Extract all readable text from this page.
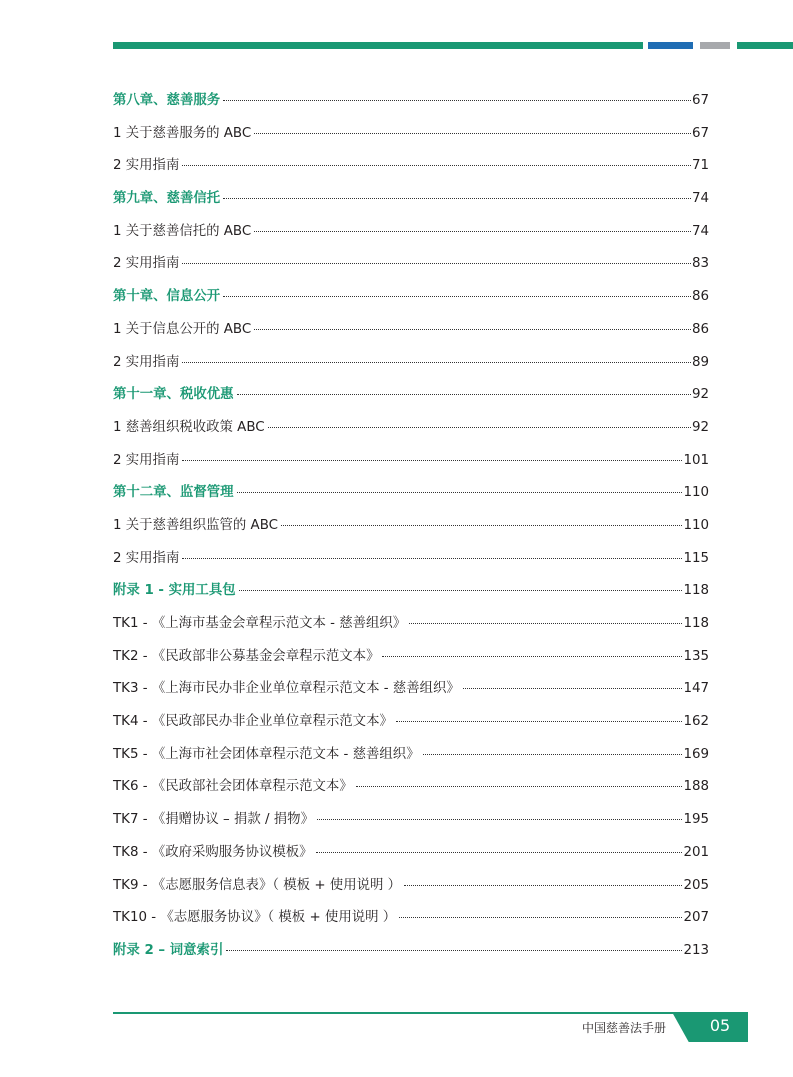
第八章、慈善服务	67
1 关于慈善服务的 ABC	67
2 实用指南	71
第九章、慈善信托	74
1 关于慈善信托的 ABC	74
2 实用指南	83
第十章、信息公开	86
1 关于信息公开的 ABC	86
2 实用指南	89
第十一章、税收优惠	92
1 慈善组织税收政策 ABC	92
2 实用指南	101
第十二章、监督管理	110
1 关于慈善组织监管的 ABC	110
2 实用指南	115
附录 1 - 实用工具包	118
TK1 - 《上海市基金会章程示范文本 - 慈善组织》	118
TK2 - 《民政部非公募基金会章程示范文本》	135
TK3 - 《上海市民办非企业单位章程示范文本 - 慈善组织》	147
TK4 - 《民政部民办非企业单位章程示范文本》	162
TK5 - 《上海市社会团体章程示范文本 - 慈善组织》	169
TK6 - 《民政部社会团体章程示范文本》	188
TK7 - 《捐赠协议 – 捐款 / 捐物》	195
TK8 - 《政府采购服务协议模板》	201
TK9 - 《志愿服务信息表》（ 模板 + 使用说明 ）	205
TK10 - 《志愿服务协议》（ 模板 + 使用说明 ）	207
附录 2 – 词意索引	213
中国慈善法手册	05
